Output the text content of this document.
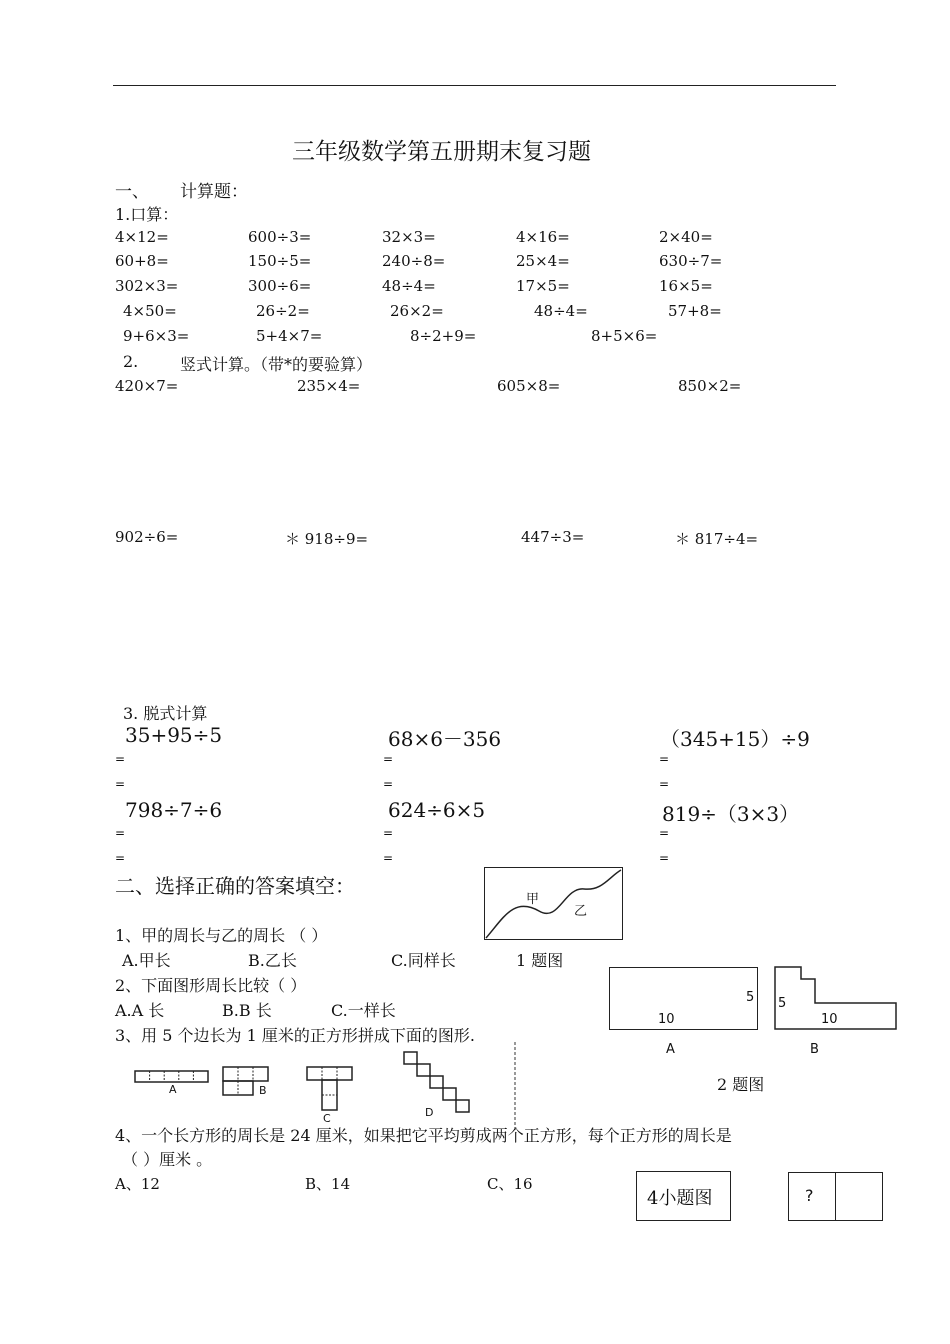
三年级数学第五册期末复习题
一、 计算题：
1.口算：
4×12=	600÷3=	32×3=	4×16=	2×40=
60+8=	150÷5=	240÷8=	25×4=	630÷7=
302×3=	300÷6=	48÷4=	17×5=	16×5=
4×50=	26÷2=	26×2=	48÷4=	57+8=
9+6×3=	5+4×7=	8÷2+9=	8+5×6=
2.	竖式计算。（带*的要验算）
420×7=	235×4=	605×8=	850×2=
902÷6=	＊ 918÷9=	447÷3=	＊ 817÷4=
3. 脱式计算
35+95÷5	68×6－356	（345+15）÷9
=	=	=
=	=	=
798÷7÷6	624÷6×5	819÷（3×3）
=	=	=
=	=	=
二、选择正确的答案填空：
甲
乙
1、甲的周长与乙的周长 （ ）
A.甲长	B.乙长	C.同样长	1 题图
2、下面图形周长比较（ ）
A.A 长	B.B 长	C.一样长
5
10
A
5
10
B
2 题图
3、用 5 个边长为 1 厘米的正方形拼成下面的图形.
A	B
C	D
4、一个长方形的周长是 24 厘米，如果把它平均剪成两个正方形，每个正方形的周长是
（ ）厘米 。
A、12	B、14	C、16
4小题图	?
